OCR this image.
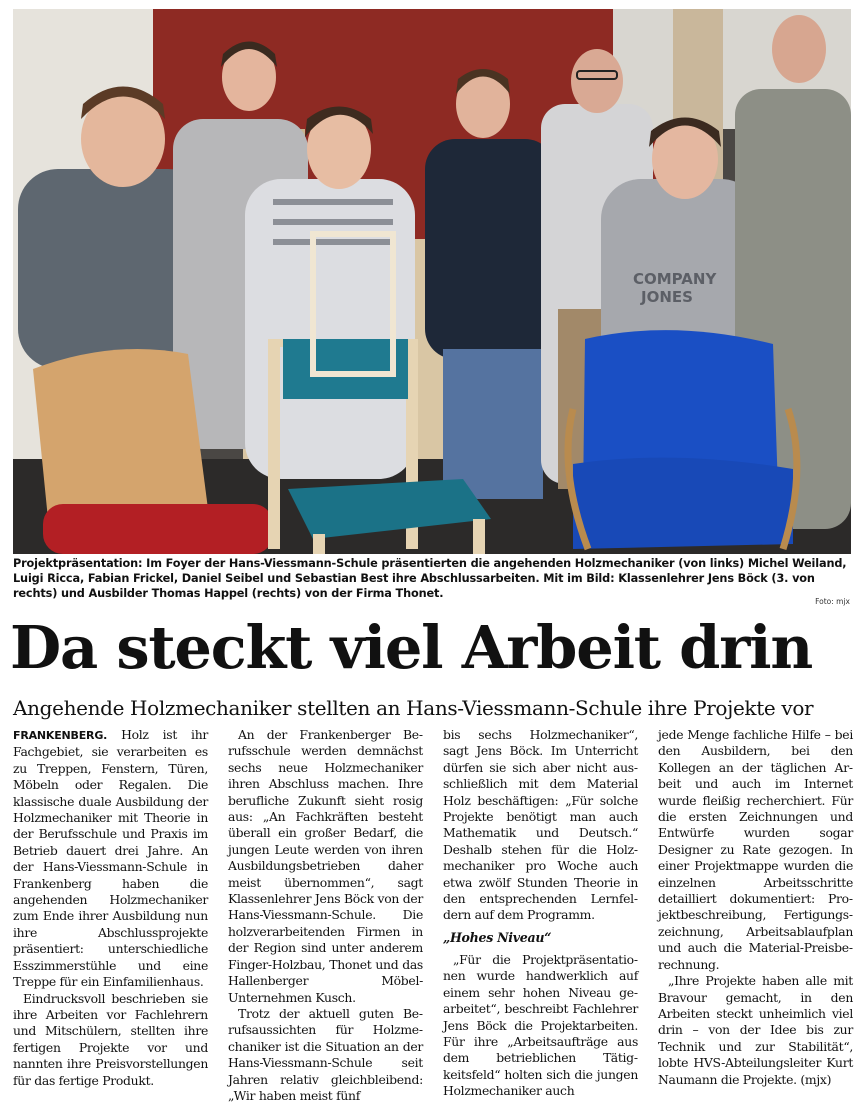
COMPANY
JONES
Projektpräsentation: Im Foyer der Hans-Viessmann-Schule präsentierten die angehenden Holzmechaniker (von links) Michel Weiland, Luigi Ricca, Fabian Frickel, Daniel Seibel und Sebastian Best ihre Abschlussarbeiten. Mit im Bild: Klassenlehrer Jens Böck (3. von rechts) und Ausbilder Thomas Happel (rechts) von der Firma Thonet.
Foto: mjx
Da steckt viel Arbeit drin
Angehende Holzmechaniker stellten an Hans-Viessmann-Schule ihre Projekte vor

FRANKENBERG. Holz ist ihr Fachgebiet, sie verarbeiten es zu Treppen, Fenstern, Türen, Möbeln oder Regalen. Die klassische duale Ausbildung der Holzmechaniker mit Theorie in der Berufsschule und Praxis im Betrieb dauert drei Jahre. An der Hans-Viessmann-Schule in Frankenberg haben die angehenden Holzmechaniker zum Ende ihrer Ausbildung nun ihre Abschlussprojekte präsentiert: unterschiedliche Esszimmerstühle und eine Treppe für ein Einfamilienhaus.

Eindrucksvoll beschrieben sie ihre Arbeiten vor Fachlehrern und Mitschülern, stellten ihre fertigen Projekte vor und nannten ihre Preisvorstellungen für das fertige Produkt.

An der Frankenberger Berufsschule werden demnächst sechs neue Holzmechaniker ihren Abschluss machen. Ihre berufliche Zukunft sieht rosig aus: „An Fachkräften besteht überall ein großer Bedarf, die jungen Leute werden von ihren Ausbildungsbetrieben daher meist übernommen“, sagt Klassenlehrer Jens Böck von der Hans-Viessmann-Schule. Die holzverarbeitenden Firmen in der Region sind unter anderem Finger-Holzbau, Thonet und das Hallenberger Möbel-Unternehmen Kusch.

Trotz der aktuell guten Berufsaussichten für Holzmechaniker ist die Situation an der Hans-Viessmann-Schule seit Jahren relativ gleichbleibend: „Wir haben meist fünf

bis sechs Holzmechaniker“, sagt Jens Böck. Im Unterricht dürfen sie sich aber nicht ausschließlich mit dem Material Holz beschäftigen: „Für solche Projekte benötigt man auch Mathematik und Deutsch.“ Deshalb stehen für die Holzmechaniker pro Woche auch etwa zwölf Stunden Theorie in den entsprechenden Lernfeldern auf dem Programm.

„Hohes Niveau“

„Für die Projektpräsentationen wurde handwerklich auf einem sehr hohen Niveau gearbeitet“, beschreibt Fachlehrer Jens Böck die Projektarbeiten. Für ihre „Arbeitsaufträge aus dem betrieblichen Tätigkeitsfeld“ holten sich die jungen Holzmechaniker auch

jede Menge fachliche Hilfe – bei den Ausbildern, bei den Kollegen an der täglichen Arbeit und auch im Internet wurde fleißig recherchiert. Für die ersten Zeichnungen und Entwürfe wurden sogar Designer zu Rate gezogen. In einer Projektmappe wurden die einzelnen Arbeitsschritte detailliert dokumentiert: Projektbeschreibung, Fertigungszeichnung, Arbeitsablaufplan und auch die Material-Preisberechnung.

„Ihre Projekte haben alle mit Bravour gemacht, in den Arbeiten steckt unheimlich viel drin – von der Idee bis zur Technik und zur Stabilität“, lobte HVS-Abteilungsleiter Kurt Naumann die Projekte. (mjx)
